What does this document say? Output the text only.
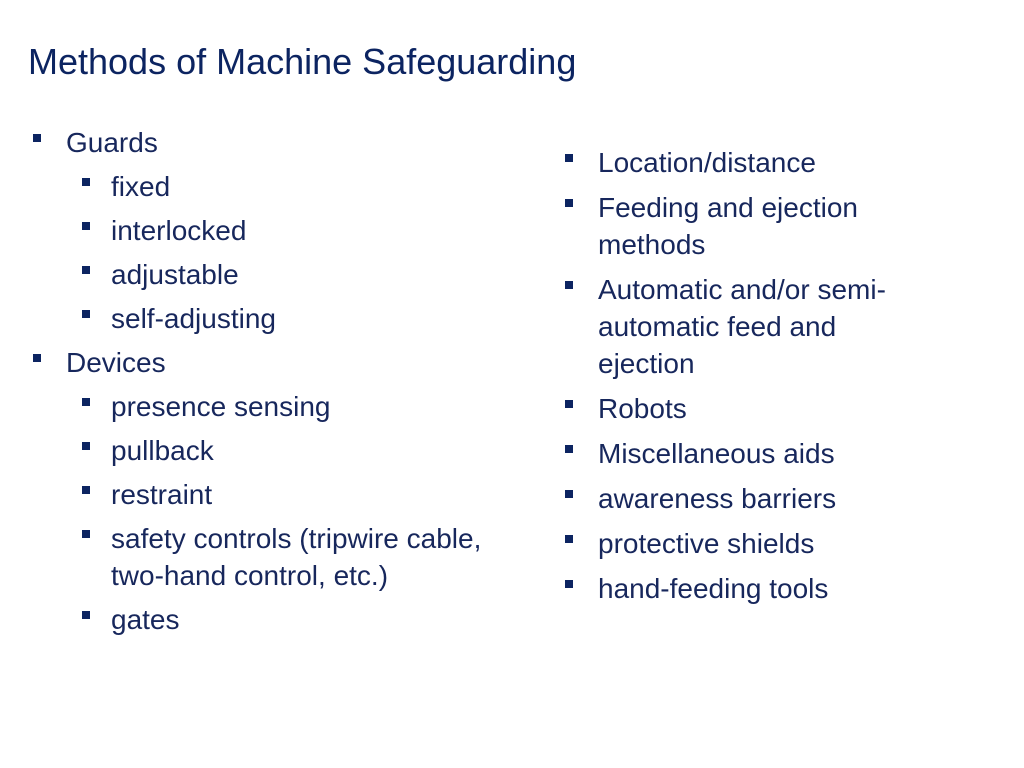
Methods of Machine Safeguarding
Guards
fixed
interlocked
adjustable
self-adjusting
Devices
presence sensing
pullback
restraint
safety controls (tripwire cable, two-hand control, etc.)
gates
Location/distance
Feeding and ejection methods
Automatic and/or semi-automatic feed and ejection
Robots
Miscellaneous aids
awareness barriers
protective shields
hand-feeding tools
